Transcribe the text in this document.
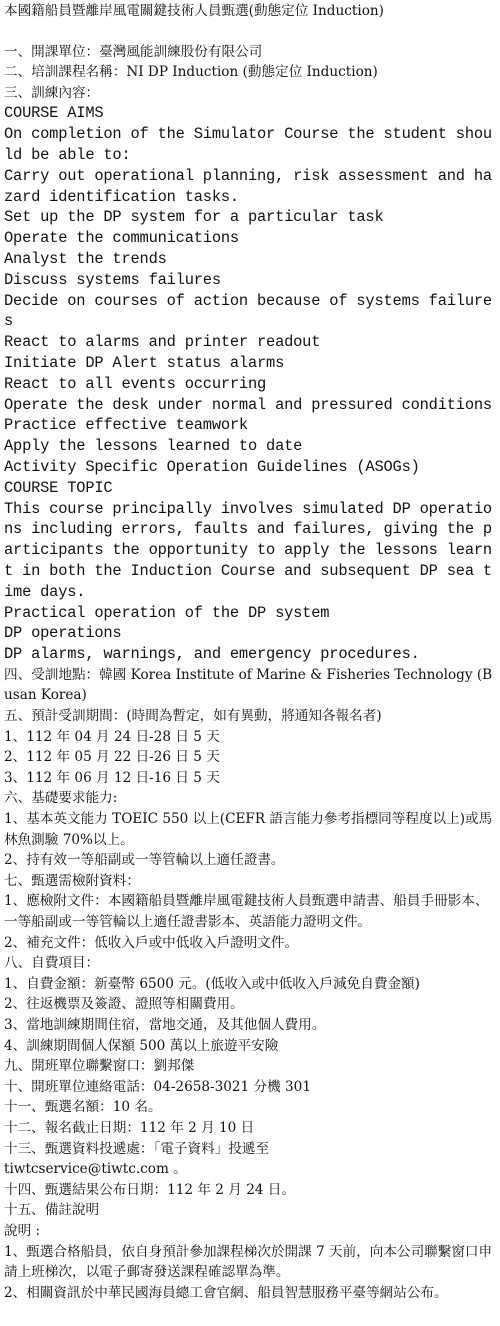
本國籍船員暨離岸風電關鍵技術人員甄選(動態定位 Induction)
一、開課單位：臺灣風能訓練股份有限公司
二、培訓課程名稱：NI DP Induction (動態定位 Induction)
三、訓練內容：
COURSE AIMS
On completion of the Simulator Course the student should be able to:
Carry out operational planning, risk assessment and hazard identification tasks.
Set up the DP system for a particular task
Operate the communications
Analyst the trends
Discuss systems failures
Decide on courses of action because of systems failures
React to alarms and printer readout
Initiate DP Alert status alarms
React to all events occurring
Operate the desk under normal and pressured conditions
Practice effective teamwork
Apply the lessons learned to date
Activity Specific Operation Guidelines (ASOGs)
COURSE TOPIC
This course principally involves simulated DP operations including errors, faults and failures, giving the participants the opportunity to apply the lessons learnt in both the Induction Course and subsequent DP sea time days.
Practical operation of the DP system
DP operations
DP alarms, warnings, and emergency procedures.
四、受訓地點：韓國 Korea Institute of Marine & Fisheries Technology (Busan Korea)
五、預計受訓期間：(時間為暫定，如有異動，將通知各報名者)
1、112 年 04 月 24 日-28 日 5 天
2、112 年 05 月 22 日-26 日 5 天
3、112 年 06 月 12 日-16 日 5 天
六、基礎要求能力:
1、基本英文能力 TOEIC 550 以上(CEFR 語言能力參考指標同等程度以上)或馬林魚測驗 70%以上。
2、持有效一等船副或一等管輪以上適任證書。
七、甄選需檢附資料：
1、應檢附文件：本國籍船員暨離岸風電鍵技術人員甄選申請書、船員手冊影本、一等船副或一等管輪以上適任證書影本、英語能力證明文件。
2、補充文件：低收入戶或中低收入戶證明文件。
八、自費項目：
1、自費金額：新臺幣 6500 元。(低收入或中低收入戶減免自費金額)
2、往返機票及簽證、證照等相關費用。
3、當地訓練期間住宿，當地交通，及其他個人費用。
4、訓練期間個人保額 500 萬以上旅遊平安險
九、開班單位聯繫窗口：劉邦傑
十、開班單位連絡電話：04-2658-3021 分機 301
十一、甄選名額：10 名。
十二、報名截止日期：112 年 2 月 10 日
十三、甄選資料投遞處：「電子資料」投遞至
tiwtcservice@tiwtc.com 。
十四、甄選結果公布日期：112 年 2 月 24 日。
十五、備註說明
說明 :
1、甄選合格船員，依自身預計參加課程梯次於開課 7 天前，向本公司聯繫窗口申請上班梯次，以電子郵寄發送課程確認單為準。
2、相關資訊於中華民國海員總工會官網、船員智慧服務平臺等網站公布。
